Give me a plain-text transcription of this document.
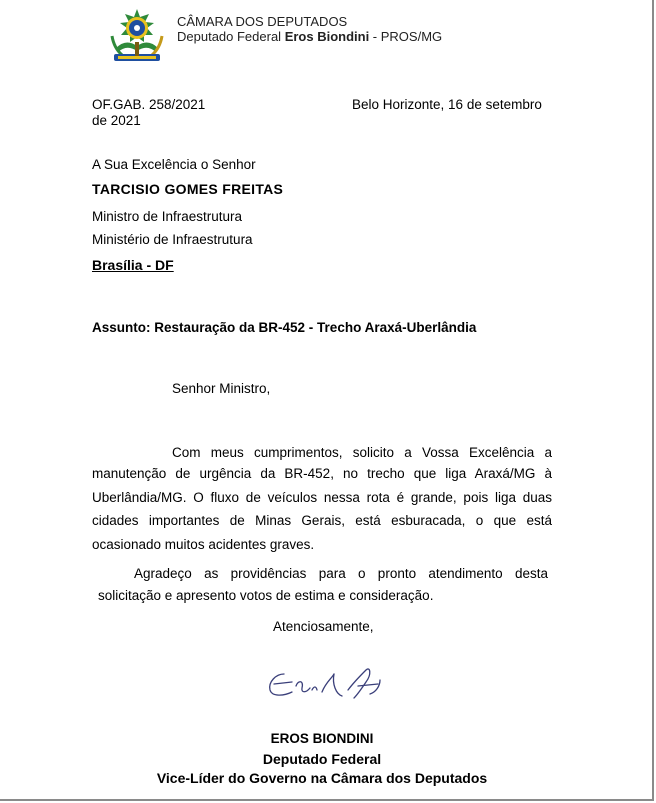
CÂMARA DOS DEPUTADOS
Deputado Federal Eros Biondini - PROS/MG
OF.GAB. 258/2021	Belo Horizonte, 16 de setembro
de 2021
A Sua Excelência o Senhor
TARCISIO GOMES FREITAS
Ministro de Infraestrutura
Ministério de Infraestrutura
Brasília - DF
Assunto: Restauração da BR-452 - Trecho Araxá-Uberlândia
Senhor Ministro,
Com meus cumprimentos, solicito a Vossa Excelência a
manutenção de urgência da BR-452, no trecho que liga Araxá/MG à Uberlândia/MG. O fluxo de veículos nessa rota é grande, pois liga duas cidades importantes de Minas Gerais, está esburacada, o que está ocasionado muitos acidentes graves.
Agradeço as providências para o pronto atendimento desta
solicitação e apresento votos de estima e consideração.
Atenciosamente,
EROS BIONDINI
Deputado Federal
Vice-Líder do Governo na Câmara dos Deputados
